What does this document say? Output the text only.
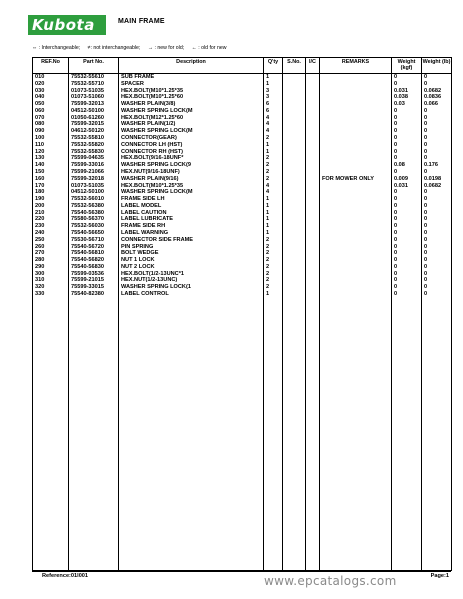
Kubota	MAIN FRAME
⇔ : Interchangeable; ≠: not interchangeable; → : new for old; ← : old for new
REF.No	Part No.	Description	Q'ty	S.No.	I/C	REMARKS	Weight (kgf)	Weight (lb)
010	75532-55610	SUB FRAME	1				0	0
020	75532-55710	SPACER	1				0	0
030	01073-51035	HEX.BOLT(M10*1.25*35	3				0.031	0.0682
040	01073-51060	HEX.BOLT(M10*1.25*60	3				0.038	0.0836
050	75599-32013	WASHER PLAIN(3/8)	6				0.03	0.066
060	04512-50100	WASHER SPRING LOCK(M	6				0	0
070	01050-61260	HEX.BOLT(M12*1.25*60	4				0	0
080	75599-32015	WASHER PLAIN(1/2)	4				0	0
090	04612-50120	WASHER SPRING LOCK(M	4				0	0
100	75532-55810	CONNECTOR(GEAR)	2				0	0
110	75532-55820	CONNECTOR LH (HST)	1				0	0
120	75532-55830	CONNECTOR RH (HST)	1				0	0
130	75599-04635	HEX.BOLT(9/16-18UNF*	2				0	0
140	75599-33016	WASHER SPRING LOCK(9	2				0.08	0.176
150	75599-21066	HEX.NUT(9/16-18UNF)	2				0	0
160	75599-32018	WASHER PLAIN(9/16)	2			FOR MOWER ONLY	0.009	0.0198
170	01073-51035	HEX.BOLT(M10*1.25*35	4				0.031	0.0682
180	04512-50100	WASHER SPRING LOCK(M	4				0	0
190	75532-56010	FRAME SIDE LH	1				0	0
200	75532-56380	LABEL MODEL	1				0	0
210	75540-56380	LABEL CAUTION	1				0	0
220	75580-56370	LABEL LUBRICATE	1				0	0
230	75532-56030	FRAME SIDE RH	1				0	0
240	75540-56650	LABEL WARNING	1				0	0
250	75530-56710	CONNECTOR SIDE FRAME	2				0	0
260	75540-56720	PIN SPRING	2				0	0
270	75540-56810	BOLT WEDGE	2				0	0
280	75540-56820	NUT 1 LOCK	2				0	0
290	75540-56830	NUT 2 LOCK	2				0	0
300	75599-03536	HEX.BOLT(1/2-13UNC*1	2				0	0
310	75599-21015	HEX.NUT(1/2-13UNC)	2				0	0
320	75599-33015	WASHER SPRING LOCK(1	2				0	0
330	75540-82380	LABEL CONTROL	1				0	0

Reference:01l001	www.epcatalogs.com	Page:1
